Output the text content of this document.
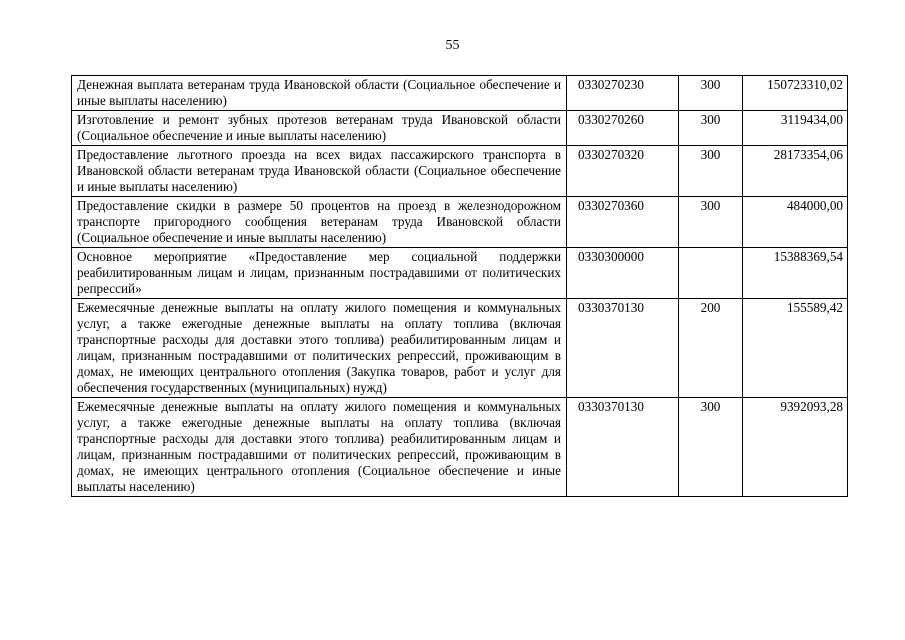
55
Денежная выплата ветеранам труда Ивановской области (Социальное обеспечение и иные выплаты населению)	0330270230	300	150723310,02
Изготовление и ремонт зубных протезов ветеранам труда Ивановской области (Социальное обеспечение и иные выплаты населению)	0330270260	300	3119434,00
Предоставление льготного проезда на всех видах пассажирского транспорта в Ивановской области ветеранам труда Ивановской области (Социальное обеспечение и иные выплаты населению)	0330270320	300	28173354,06
Предоставление скидки в размере 50 процентов на проезд в железнодорожном транспорте пригородного сообщения ветеранам труда Ивановской области (Социальное обеспечение и иные выплаты населению)	0330270360	300	484000,00
Основное мероприятие «Предоставление мер социальной поддержки реабилитированным лицам и лицам, признанным пострадавшими от политических репрессий»	0330300000		15388369,54
Ежемесячные денежные выплаты на оплату жилого помещения и коммунальных услуг, а также ежегодные денежные выплаты на оплату топлива (включая транспортные расходы для доставки этого топлива) реабилитированным лицам и лицам, признанным пострадавшими от политических репрессий, проживающим в домах, не имеющих центрального отопления (Закупка товаров, работ и услуг для обеспечения государственных (муниципальных) нужд)	0330370130	200	155589,42
Ежемесячные денежные выплаты на оплату жилого помещения и коммунальных услуг, а также ежегодные денежные выплаты на оплату топлива (включая транспортные расходы для доставки этого топлива) реабилитированным лицам и лицам, признанным пострадавшими от политических репрессий, проживающим в домах, не имеющих центрального отопления (Социальное обеспечение и иные выплаты населению)	0330370130	300	9392093,28
